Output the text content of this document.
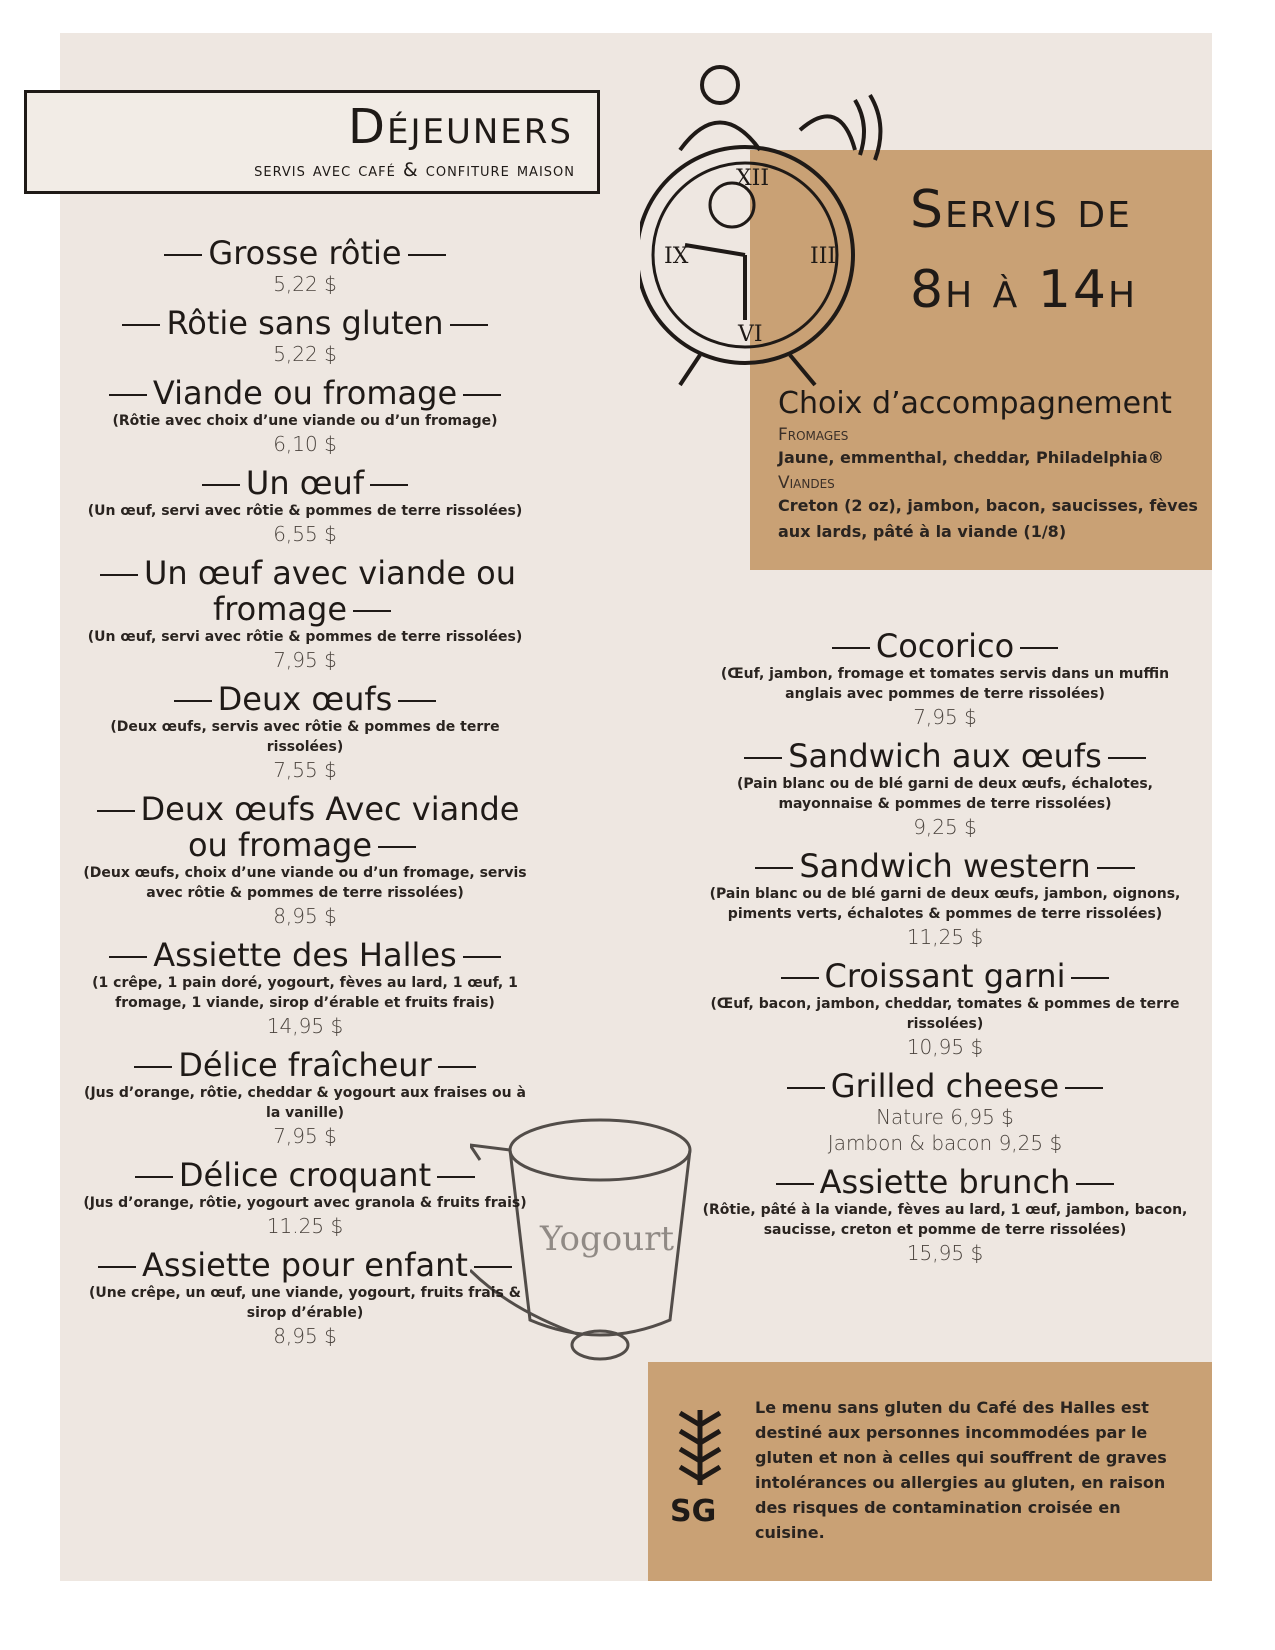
Déjeuners
servis avec café & confiture maison	XII
III
VI
IX
Servis de
8h à 14h
Choix d’accompagnement
Fromages
Jaune, emmenthal, cheddar, Philadelphia®
Viandes
Creton (2 oz), jambon, bacon, saucisses, fèves
aux lards, pâté à la viande (1/8)
Grosse rôtie
5,22 $
Rôtie sans gluten
5,22 $
Viande ou fromage
(Rôtie avec choix d’une viande ou d’un fromage)
6,10 $
Un œuf
(Un œuf, servi avec rôtie & pommes de terre rissolées)
6,55 $
Un œuf avec viande ou fromage
(Un œuf, servi avec rôtie & pommes de terre rissolées)
7,95 $
Deux œufs
(Deux œufs, servis avec rôtie & pommes de terre rissolées)
7,55 $
Deux œufs Avec viande ou fromage
(Deux œufs, choix d’une viande ou d’un fromage, servis avec rôtie & pommes de terre rissolées)
8,95 $
Assiette des Halles
(1 crêpe, 1 pain doré, yogourt, fèves au lard, 1 œuf, 1 fromage, 1 viande, sirop d’érable et fruits frais)
14,95 $
Délice fraîcheur
(Jus d’orange, rôtie, cheddar & yogourt aux fraises ou à la vanille)
7,95 $
Délice croquant
(Jus d’orange, rôtie, yogourt avec granola & fruits frais)
11.25 $
Assiette pour enfant
(Une crêpe, un œuf, une viande, yogourt, fruits frais & sirop d’érable)
8,95 $
Cocorico
(Œuf, jambon, fromage et tomates servis dans un muffin anglais avec pommes de terre rissolées)
7,95 $
Sandwich aux œufs
(Pain blanc ou de blé garni de deux œufs, échalotes, mayonnaise & pommes de terre rissolées)
9,25 $
Sandwich western
(Pain blanc ou de blé garni de deux œufs, jambon, oignons, piments verts, échalotes & pommes de terre rissolées)
11,25 $
Croissant garni
(Œuf, bacon, jambon, cheddar, tomates & pommes de terre rissolées)
10,95 $
Grilled cheese
Nature 6,95 $
Jambon & bacon 9,25 $
Assiette brunch
(Rôtie, pâté à la viande, fèves au lard, 1 œuf, jambon, bacon, saucisse, creton et pomme de terre rissolées)
15,95 $
Yogourt
SG
Le menu sans gluten du Café des Halles est destiné aux personnes incommodées par le gluten et non à celles qui souffrent de graves intolérances ou allergies au gluten, en raison des risques de contamination croisée en cuisine.
